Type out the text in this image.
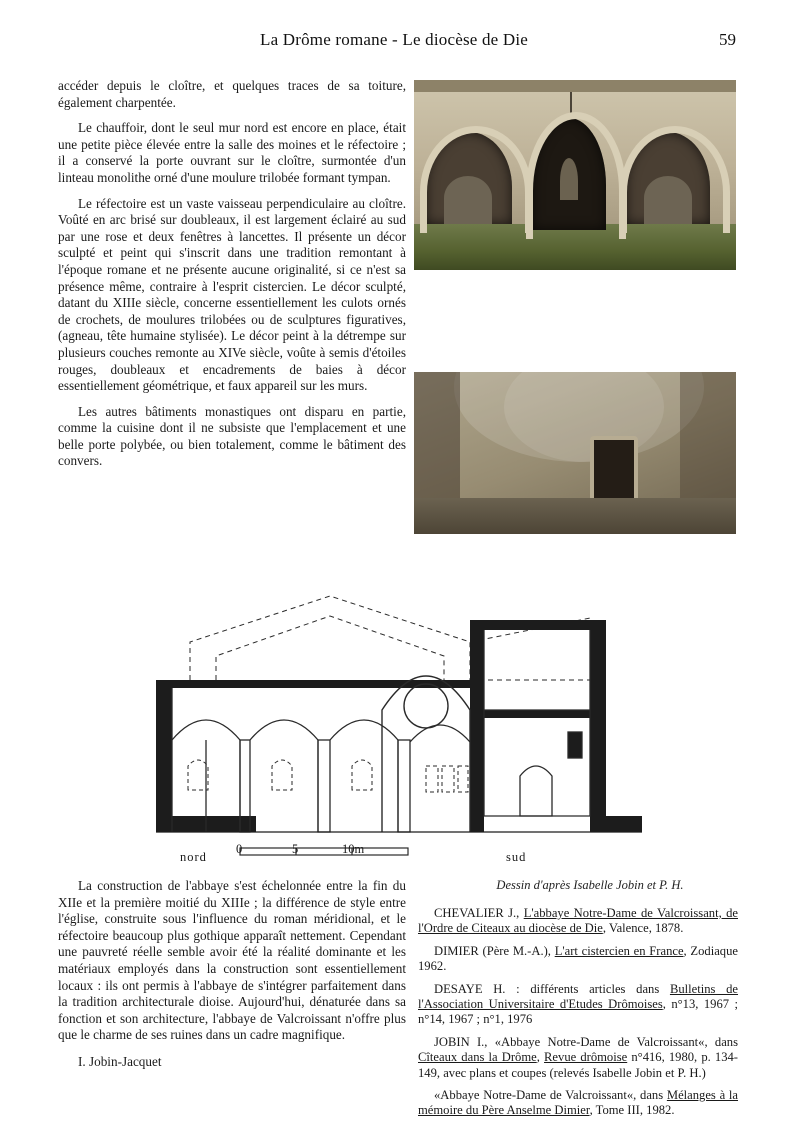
La Drôme romane - Le diocèse de Die	59

accéder depuis le cloître, et quelques traces de sa toiture, également charpentée.

Le chauffoir, dont le seul mur nord est encore en place, était une petite pièce élevée entre la salle des moines et le réfectoire ; il a conservé la porte ouvrant sur le cloître, surmontée d'un linteau monolithe orné d'une moulure trilobée formant tympan.

Le réfectoire est un vaste vaisseau perpendiculaire au cloître. Voûté en arc brisé sur doubleaux, il est largement éclairé au sud par une rose et deux fenêtres à lancettes. Il présente un décor sculpté et peint qui s'inscrit dans une tradition remontant à l'époque romane et ne présente aucune originalité, si ce n'est sa présence même, contraire à l'esprit cistercien. Le décor sculpté, datant du XIIIe siècle, concerne essentiellement les culots ornés de crochets, de moulures trilobées ou de sculptures figuratives, (agneau, tête humaine stylisée). Le décor peint à la détrempe sur plusieurs couches remonte au XIVe siècle, voûte à semis d'étoiles rouges, doubleaux et encadrements de baies à décor essentiellement géométrique, et faux appareil sur les murs.

Les autres bâtiments monastiques ont disparu en partie, comme la cuisine dont il ne subsiste que l'emplacement et une belle porte polybée, ou bien totalement, comme le bâtiment des convers.

0	5	10m
nord	sud
Dessin d'après Isabelle Jobin et P. H.

La construction de l'abbaye s'est échelonnée entre la fin du XIIe et la première moitié du XIIIe ; la différence de style entre l'église, construite sous l'influence du roman méridional, et le réfectoire beaucoup plus gothique apparaît nettement. Cependant une pauvreté réelle semble avoir été la réalité dominante et les matériaux employés dans la construction sont essentiellement locaux : ils ont permis à l'abbaye de s'intégrer parfaitement dans la tradition architecturale dioise. Aujourd'hui, dénaturée dans sa fonction et son architecture, l'abbaye de Valcroissant n'offre plus que le charme de ses ruines dans un cadre magnifique.

I. Jobin-Jacquet

CHEVALIER J., L'abbaye Notre-Dame de Valcroissant, de l'Ordre de Citeaux au diocèse de Die, Valence, 1878.

DIMIER (Père M.-A.), L'art cistercien en France, Zodiaque 1962.

DESAYE H. : différents articles dans Bulletins de l'Association Universitaire d'Etudes Drômoises, n°13, 1967 ; n°14, 1967 ; n°1, 1976

JOBIN I., «Abbaye Notre-Dame de Valcroissant«, dans Cîteaux dans la Drôme, Revue drômoise n°416, 1980, p. 134-149, avec plans et coupes (relevés Isabelle Jobin et P. H.)

«Abbaye Notre-Dame de Valcroissant«, dans Mélanges à la mémoire du Père Anselme Dimier, Tome III, 1982.
